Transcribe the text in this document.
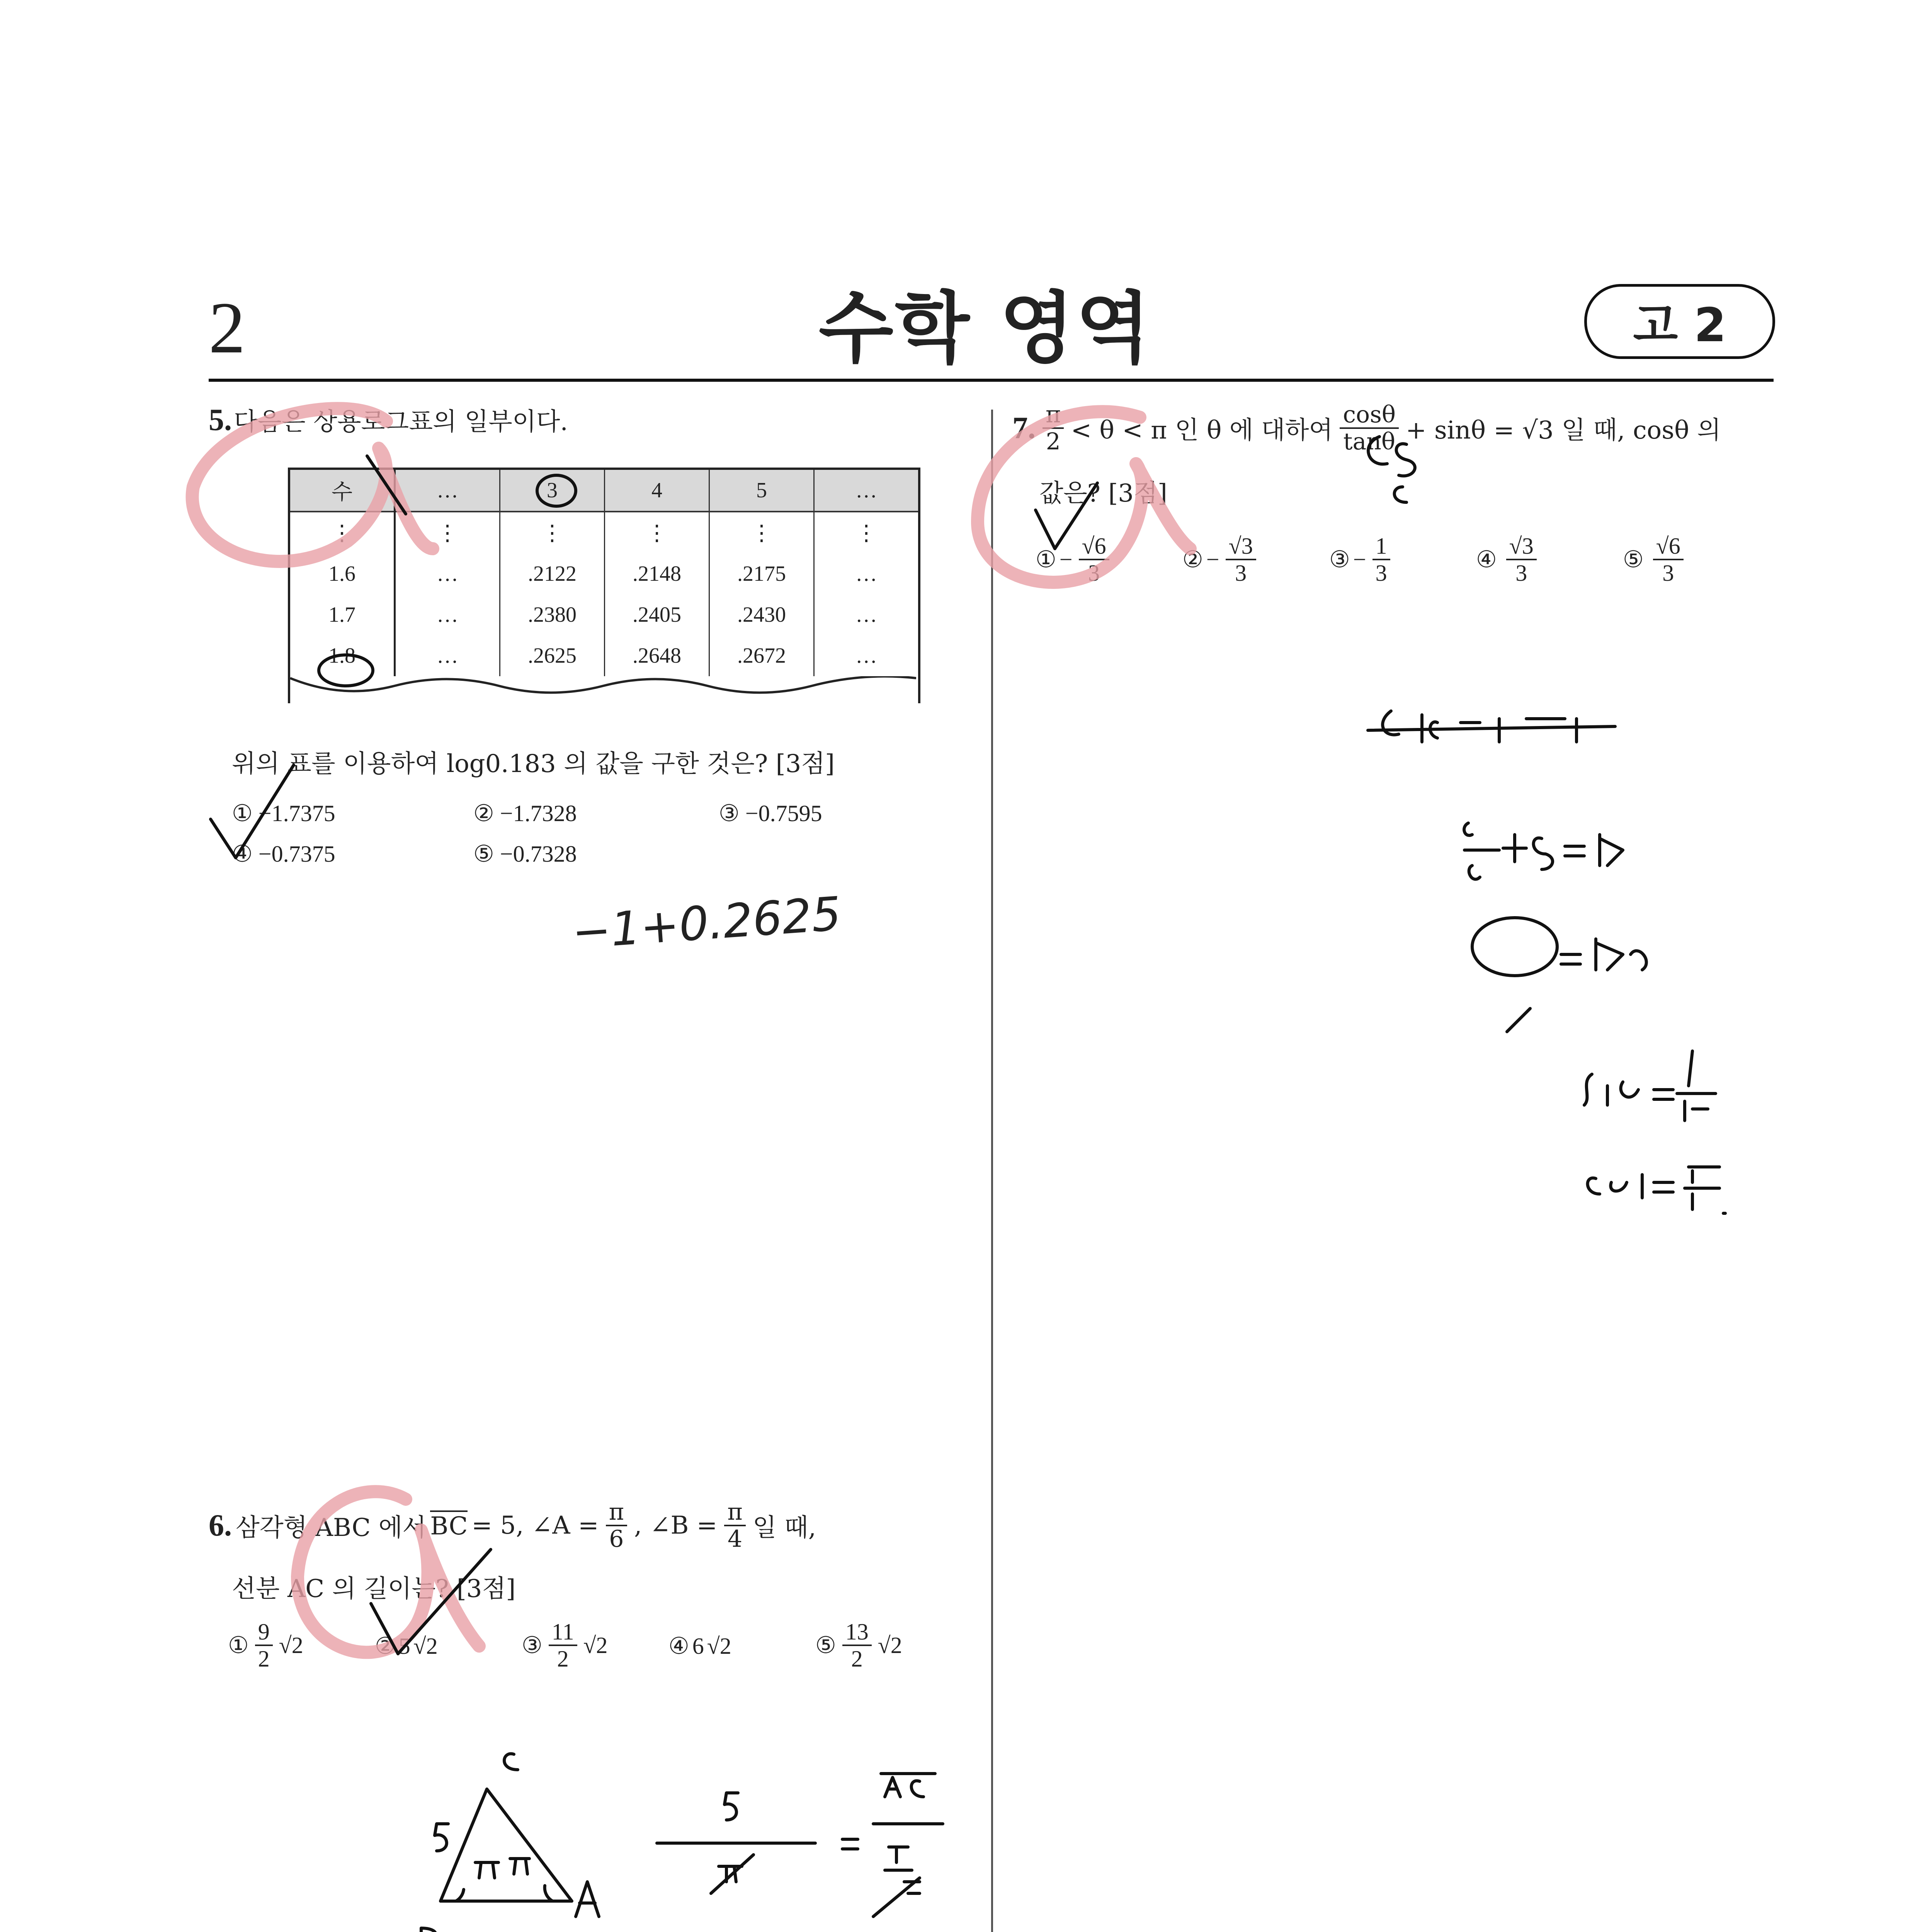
2	수학 영역	고 2
5. 다음은 상용로그표의 일부이다.
수	…	3	4	5	…
⋮	⋮	⋮	⋮	⋮	⋮
1.6	…	.2122	.2148	.2175	…
1.7	…	.2380	.2405	.2430	…
1.8	…	.2625	.2648	.2672	…
위의 표를 이용하여 log0.183 의 값을 구한 것은? [3점]
① −1.7375	② −1.7328	③ −0.7595
④ −0.7375	⑤ −0.7328
−1+0.2625
6. 삼각형 ABC 에서 BC = 5, ∠A = $\frac{\pi}{6}$ , ∠B = $\frac{\pi}{4}$ 일 때,
선분 AC 의 길이는? [3점]
① $\frac{9}{2} √2$	② 5 √2	③ $\frac{11}{2} √2$	④ 6 √2	⑤ $\frac{13}{2} √2$
7. $\frac{\pi}{2} < \theta < \pi$ 인 θ 에 대하여 $\frac{\cos\theta}{\tan\theta} + \sin\theta = √3$ 일 때, cosθ 의
값은? [3점]
① − $\frac{√6}{3}$	② − $\frac{√3}{3}$	③ − $\frac{1}{3}$	④ $\frac{√3}{3}$	⑤ $\frac{√6}{3}$
